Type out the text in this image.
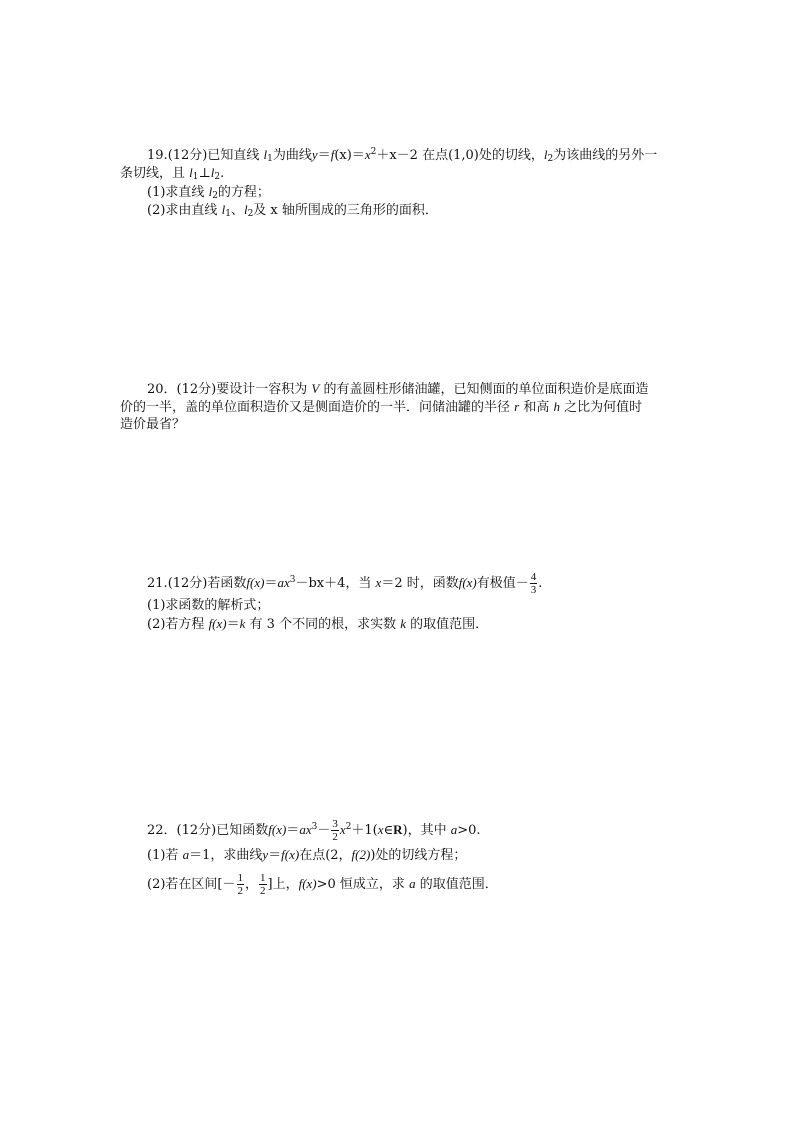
19.(12分)已知直线 $l_1$为曲线$y=f(x)=x^2+x-2$ 在点(1,0)处的切线，$l_2$为该曲线的另外一
条切线，且 $l_1\perp l_2$.
(1)求直线 $l_2$的方程；
(2)求由直线 $l_1$、$l_2$及 x 轴所围成的三角形的面积．
20．(12分)要设计一容积为 V 的有盖圆柱形储油罐，已知侧面的单位面积造价是底面造
价的一半，盖的单位面积造价又是侧面造价的一半．问储油罐的半径 r 和高 h 之比为何值时
造价最省？
21.(12分)若函数$f(x)=ax^3-bx+4$，当 x＝2 时，函数f(x)有极值－ $\frac{4}{3}$ .
(1)求函数的解析式；
(2)若方程 f(x)＝k 有 3 个不同的根，求实数 k 的取值范围．
22．(12分)已知函数$f(x)=ax^3- \frac{3}{2}$ $x^2+1(x\in R)$，其中 a>0.
(1)若 a＝1，求曲线y＝f(x)在点(2，f(2))处的切线方程；
(2)若在区间[－ $\frac{1}{2}$ ， $\frac{1}{2}$ ]上，f(x)>0 恒成立，求 a 的取值范围．
